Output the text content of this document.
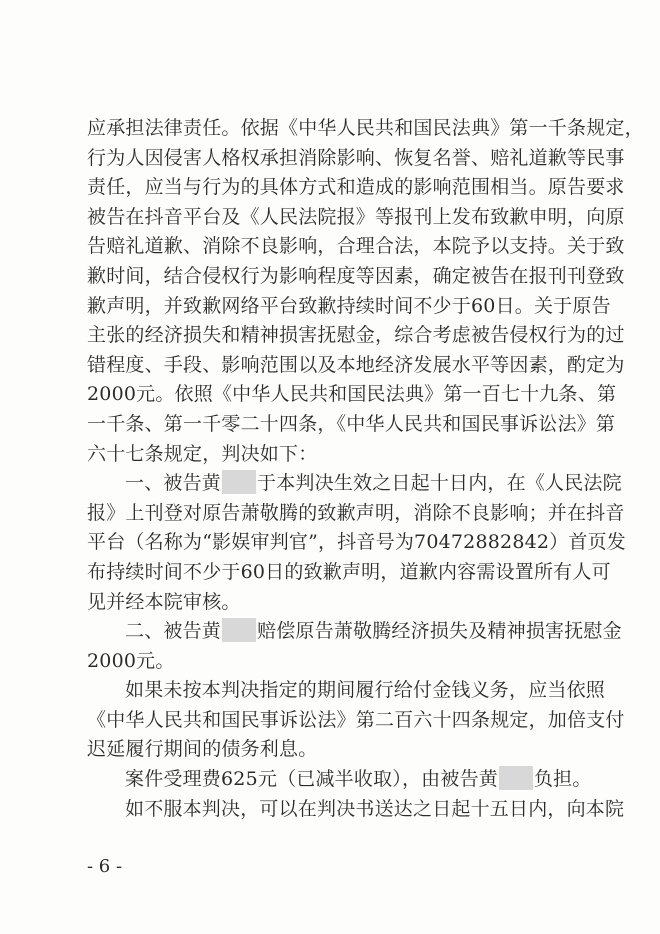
应承担法律责任。依据《中华人民共和国民法典》第一千条规定，
行为人因侵害人格权承担消除影响、恢复名誉、赔礼道歉等民事
责任，应当与行为的具体方式和造成的影响范围相当。原告要求
被告在抖音平台及《人民法院报》等报刊上发布致歉申明，向原
告赔礼道歉、消除不良影响，合理合法，本院予以支持。关于致
歉时间，结合侵权行为影响程度等因素，确定被告在报刊刊登致
歉声明，并致歉网络平台致歉持续时间不少于60日。关于原告
主张的经济损失和精神损害抚慰金，综合考虑被告侵权行为的过
错程度、手段、影响范围以及本地经济发展水平等因素，酌定为
2000元。依照《中华人民共和国民法典》第一百七十九条、第
一千条、第一千零二十四条，《中华人民共和国民事诉讼法》第
六十七条规定，判决如下：
一、被告黄 于本判决生效之日起十日内，在《人民法院
报》上刊登对原告萧敬腾的致歉声明，消除不良影响；并在抖音
平台（名称为“影娱审判官”，抖音号为70472882842）首页发
布持续时间不少于60日的致歉声明，道歉内容需设置所有人可
见并经本院审核。
二、被告黄 赔偿原告萧敬腾经济损失及精神损害抚慰金
2000元。
如果未按本判决指定的期间履行给付金钱义务，应当依照
《中华人民共和国民事诉讼法》第二百六十四条规定，加倍支付
迟延履行期间的债务利息。
案件受理费625元（已减半收取），由被告黄 负担。
如不服本判决，可以在判决书送达之日起十五日内，向本院
- 6 -
